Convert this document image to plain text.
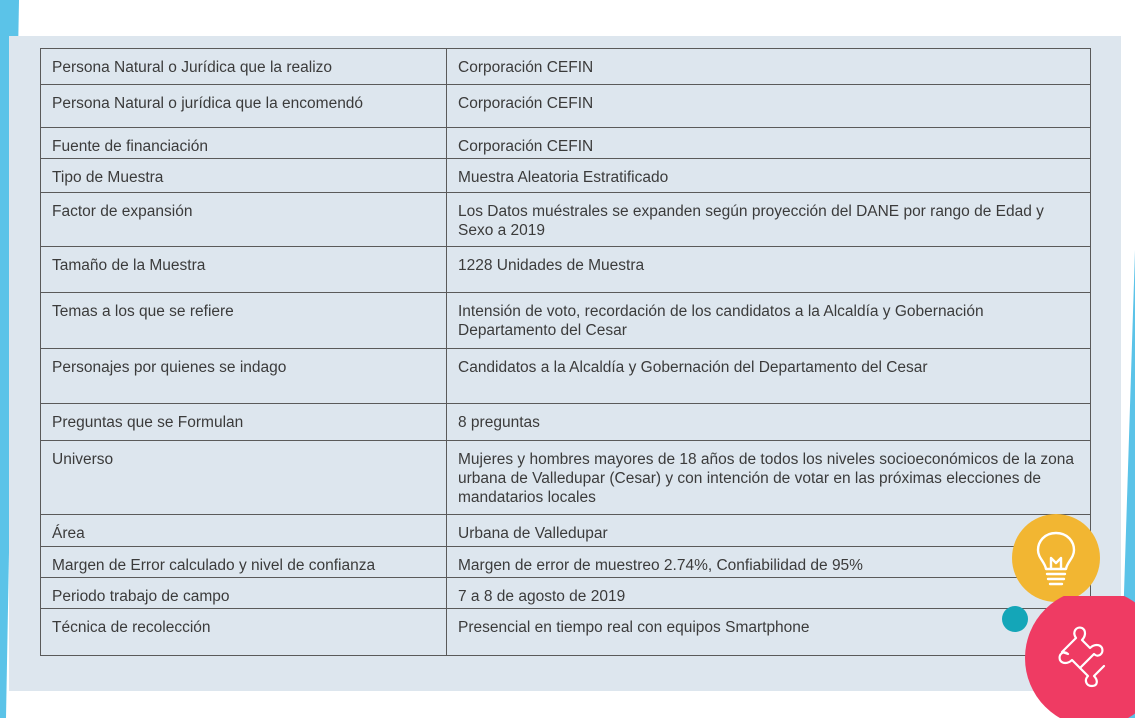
Persona Natural o Jurídica que la realizo	Corporación CEFIN
Persona Natural o jurídica que la encomendó	Corporación CEFIN
Fuente de financiación	Corporación CEFIN
Tipo de Muestra	Muestra Aleatoria Estratificado
Factor de expansión	Los Datos muéstrales se expanden según proyección del DANE por rango de Edad y Sexo a 2019
Tamaño de la Muestra	1228 Unidades de Muestra
Temas a los que se refiere	Intensión de voto, recordación de los candidatos a la Alcaldía y Gobernación Departamento del Cesar
Personajes por quienes se indago	Candidatos a la Alcaldía y Gobernación del Departamento del Cesar
Preguntas que se Formulan	8 preguntas
Universo	Mujeres y hombres mayores de 18 años de todos los niveles socioeconómicos de la zona urbana de Valledupar (Cesar) y con intención de votar en las próximas elecciones de mandatarios locales
Área	Urbana de Valledupar
Margen de Error calculado y nivel de confianza	Margen de error de muestreo 2.74%, Confiabilidad de 95%
Periodo trabajo de campo	7 a 8 de agosto de 2019
Técnica de recolección	Presencial en tiempo real con equipos Smartphone
